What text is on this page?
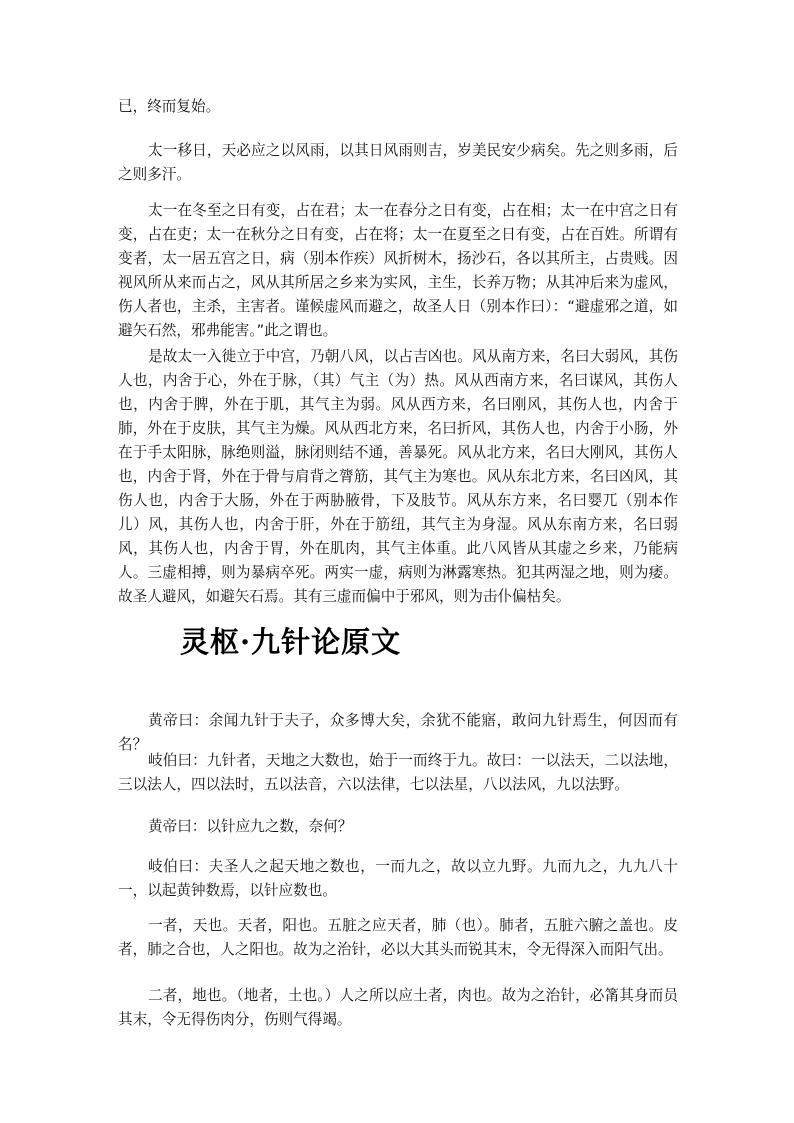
已，终而复始。

太一移日，天必应之以风雨，以其日风雨则吉，岁美民安少病矣。先之则多雨，后之则多汗。

太一在冬至之日有变，占在君；太一在春分之日有变，占在相；太一在中宫之日有变，占在吏；太一在秋分之日有变，占在将；太一在夏至之日有变，占在百姓。所谓有变者，太一居五宫之日，病（别本作疾）风折树木，扬沙石，各以其所主，占贵贱。因视风所从来而占之，风从其所居之乡来为实风，主生，长养万物；从其冲后来为虚风，伤人者也，主杀，主害者。谨候虚风而避之，故圣人日（别本作曰）：“避虚邪之道，如避矢石然，邪弗能害。”此之谓也。

是故太一入徙立于中宫，乃朝八风，以占吉凶也。风从南方来，名曰大弱风，其伤人也，内舍于心，外在于脉，（其）气主（为）热。风从西南方来，名曰谋风，其伤人也，内舍于脾，外在于肌，其气主为弱。风从西方来，名曰刚风，其伤人也，内舍于肺，外在于皮肤，其气主为燥。风从西北方来，名曰折风，其伤人也，内舍于小肠，外在于手太阳脉，脉绝则溢，脉闭则结不通，善暴死。风从北方来，名曰大刚风，其伤人也，内舍于肾，外在于骨与肩背之膂筋，其气主为寒也。风从东北方来，名曰凶风，其伤人也，内舍于大肠，外在于两胁腋骨，下及肢节。风从东方来，名曰婴兀（别本作儿）风，其伤人也，内舍于肝，外在于筋纽，其气主为身湿。风从东南方来，名曰弱风，其伤人也，内舍于胃，外在肌肉，其气主体重。此八风皆从其虚之乡来，乃能病人。三虚相搏，则为暴病卒死。两实一虚，病则为淋露寒热。犯其两湿之地，则为痿。故圣人避风，如避矢石焉。其有三虚而偏中于邪风，则为击仆偏枯矣。

灵枢·九针论原文

黄帝曰：余闻九针于夫子，众多博大矣，余犹不能寤，敢问九针焉生，何因而有名？

岐伯曰：九针者，天地之大数也，始于一而终于九。故曰：一以法天，二以法地，三以法人，四以法时，五以法音，六以法律，七以法星，八以法风，九以法野。

黄帝曰：以针应九之数，奈何？

岐伯曰：夫圣人之起天地之数也，一而九之，故以立九野。九而九之，九九八十一，以起黄钟数焉，以针应数也。

一者，天也。天者，阳也。五脏之应天者，肺（也）。肺者，五脏六腑之盖也。皮者，肺之合也，人之阳也。故为之治针，必以大其头而锐其末，令无得深入而阳气出。

二者，地也。（地者，土也。）人之所以应土者，肉也。故为之治针，必筩其身而员其末，令无得伤肉分，伤则气得竭。
